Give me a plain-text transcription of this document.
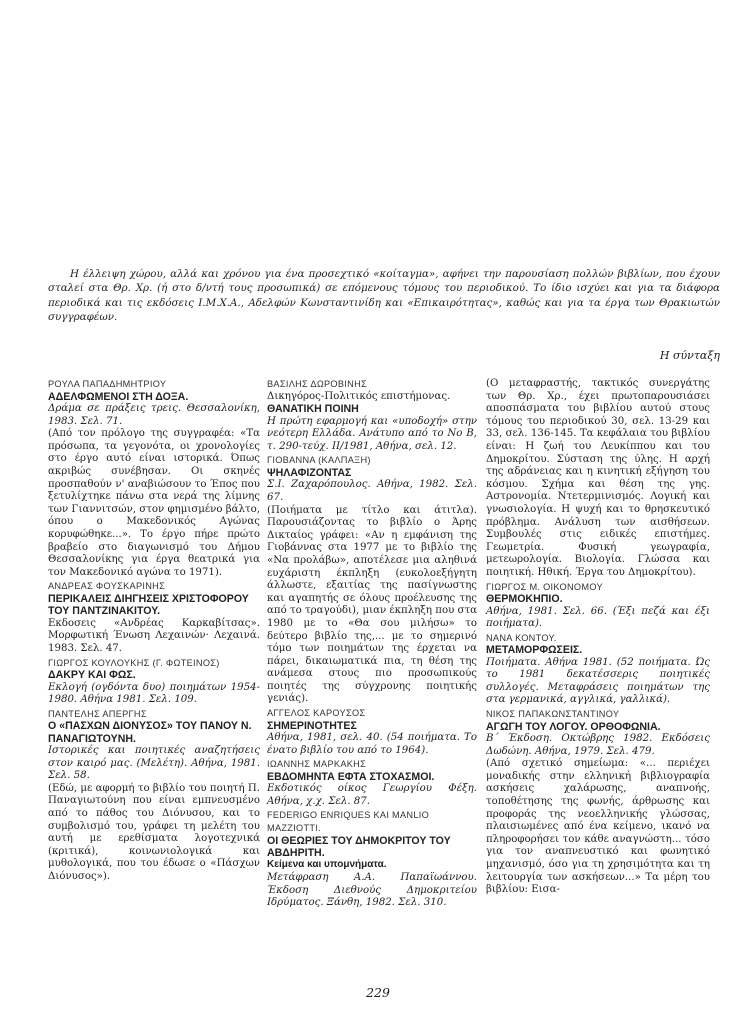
Η έλλειψη χώρου, αλλά και χρόνου για ένα προσεχτικό «κοίταγμα», αφήνει την παρουσίαση πολλών βιβλίων, που έχουν σταλεί στα Θρ. Χρ. (ή στο δ/ντή τους προσωπικά) σε επόμενους τόμους του περιοδικού. Το ίδιο ισχύει και για τα διάφορα περιοδικά και τις εκδόσεις Ι.Μ.Χ.Α., Αδελφών Κωνσταντινίδη και «Επικαιρότητας», καθώς και για τα έργα των Θρακιωτών συγγραφέων.

Η σύνταξη

ΡΟΥΛΑ ΠΑΠΑΔΗΜΗΤΡΙΟΥ

ΑΔΕΛΦΩΜΕΝΟΙ ΣΤΗ ΔΟΞΑ.

Δράμα σε πράξεις τρεις. Θεσσαλονίκη, 1983. Σελ. 71.

(Από τον πρόλογο της συγγραφέα: «Τα πρόσωπα, τα γεγονότα, οι χρονολογίες στο έργο αυτό είναι ιστορικά. Όπως ακριβώς συνέβησαν. Οι σκηνές προσπαθούν ν' αναβιώσουν το Έπος που ξετυλίχτηκε πάνω στα νερά της λίμνης των Γιαννιτσών, στον φημισμένο βάλτο, όπου ο Μακεδονικός Αγώνας κορυφώθηκε...». Το έργο πήρε πρώτο βραβείο στο διαγωνισμό του Δήμου Θεσσαλονίκης για έργα θεατρικά για τον Μακεδονικό αγώνα το 1971).

ΑΝΔΡΕΑΣ ΦΟΥΣΚΑΡΙΝΗΣ

ΠΕΡΙΚΑΛΕΙΣ ΔΙΗΓΗΣΕΙΣ ΧΡΙΣΤΟΦΟΡΟΥ ΤΟΥ ΠΑΝΤΖΙΝΑΚΙΤΟΥ.

Εκδοσεις «Ανδρέας Καρκαβίτσας». Μορφωτική Ένωση Λεχαινών· Λεχαινά. 1983. Σελ. 47.

ΓΙΩΡΓΟΣ ΚΟΥΛΟΥΚΗΣ (Γ. ΦΩΤΕΙΝΟΣ)

ΔΑΚΡΥ ΚΑΙ ΦΩΣ.

Εκλογή (ογδόντα δυο) ποιημάτων 1954-1980. Αθήνα 1981. Σελ. 109.

ΠΑΝΤΕΛΗΣ ΑΠΕΡΓΗΣ

Ο «ΠΑΣΧΩΝ ΔΙΟΝΥΣΟΣ» ΤΟΥ ΠΑΝΟΥ Ν. ΠΑΝΑΓΙΩΤΟΥΝΗ.

Ιστορικές και ποιητικές αναζητήσεις στον καιρό μας. (Μελέτη). Αθήνα, 1981. Σελ. 58.

(Εδώ, με αφορμή το βιβλίο του ποιητή Π. Παναγιωτούνη που είναι εμπνευσμένο από το πάθος του Διόνυσου, και το συμβολισμό του, γράφει τη μελέτη του αυτή με ερεθίσματα λογοτεχνικά (κριτικά), κοινωνιολογικά και μυθολογικά, που του έδωσε ο «Πάσχων Διόνυσος»).

ΒΑΣΙΛΗΣ ΔΩΡΟΒΙΝΗΣ

Δικηγόρος-Πολιτικός επιστήμονας.

ΘΑΝΑΤΙΚΗ ΠΟΙΝΗ

Η πρώτη εφαρμογή και «υποδοχή» στην νεότερη Ελλάδα. Ανάτυπο από το Νο Β, τ. 290-τεύχ. ΙΙ/1981, Αθήνα, σελ. 12.

ΓΙΟΒΑΝΝΑ (ΚΑΛΠΑΞΗ)

ΨΗΛΑΦΙΖΟΝΤΑΣ

Σ.Ι. Ζαχαρόπουλος. Αθήνα, 1982. Σελ. 67.

(Ποιήματα με τίτλο και άτιτλα). Παρουσιάζοντας το βιβλίο ο Άρης Δικταίος γράφει: «Αν η εμφάνιση της Γιοβάννας στα 1977 με το βιβλίο της «Να προλάβω», αποτέλεσε μια αληθινά ευχάριστη έκπληξη (ευκολοεξήγητη άλλωστε, εξαιτίας της πασίγνωστης και αγαπητής σε όλους προέλευσης της από το τραγούδι), μιαν έκπληξη που στα 1980 με το «Θα σου μιλήσω» το δεύτερο βιβλίο της,... με το σημερινό τόμο των ποιημάτων της έρχεται να πάρει, δικαιωματικά πια, τη θέση της ανάμεσα στους πιο προσωπικούς ποιητές της σύγχρονης ποιητικής γενιάς).

ΑΓΓΕΛΟΣ ΚΑΡΟΥΣΟΣ

ΣΗΜΕΡΙΝΟΤΗΤΕΣ

Αθήνα, 1981, σελ. 40. (54 ποιήματα. Το ένατο βιβλίο του από το 1964).

ΙΩΑΝΝΗΣ ΜΑΡΚΑΚΗΣ

ΕΒΔΟΜΗΝΤΑ ΕΦΤΑ ΣΤΟΧΑΣΜΟΙ.

Εκδοτικός οίκος Γεωργίου Φέξη. Αθήνα, χ.χ. Σελ. 87.

FEDERIGO ENRIQUES ΚΑΙ MANLIO MAZZIOTTI.

ΟΙ ΘΕΩΡΙΕΣ ΤΟΥ ΔΗΜΟΚΡΙΤΟΥ ΤΟΥ ΑΒΔΗΡΙΤΗ.

Κείμενα και υπομνήματα.

Μετάφραση Α.Α. Παπαϊωάννου. Έκδοση Διεθνούς Δημοκριτείου Ιδρύματος. Ξάνθη, 1982. Σελ. 310.

(Ο μεταφραστής, τακτικός συνεργάτης των Θρ. Χρ., έχει πρωτοπαρουσιάσει αποσπάσματα του βιβλίου αυτού στους τόμους του περιοδικού 30, σελ. 13-29 και 33, σελ. 136-145. Τα κεφάλαια του βιβλίου είναι: Η ζωή του Λευκίππου και του Δημοκρίτου. Σύσταση της ύλης. Η αρχή της αδράνειας και η κινητική εξήγηση του κόσμου. Σχήμα και θέση της γης. Αστρονομία. Ντετερμινισμός. Λογική και γνωσιολογία. Η ψυχή και το θρησκευτικό πρόβλημα. Ανάλυση των αισθήσεων. Συμβουλές στις ειδικές επιστήμες. Γεωμετρία. Φυσική γεωγραφία, μετεωρολογία. Βιολογία. Γλώσσα και ποιητική. Ηθική. Έργα του Δημοκρίτου).

ΓΙΩΡΓΟΣ Μ. ΟΙΚΟΝΟΜΟΥ

ΘΕΡΜΟΚΗΠΙΟ.

Αθήνα, 1981. Σελ. 66. (Έξι πεζά και έξι ποιήματα).

ΝΑΝΑ ΚΟΝΤΟΥ.

ΜΕΤΑΜΟΡΦΩΣΕΙΣ.

Ποιήματα. Αθήνα 1981. (52 ποιήματα. Ώς το 1981 δεκατέσσερις ποιητικές συλλογές. Μεταφράσεις ποιημάτων της στα γερμανικά, αγγλικά, γαλλικά).

ΝΙΚΟΣ ΠΑΠΑΚΩΝΣΤΑΝΤΙΝΟΥ

ΑΓΩΓΗ ΤΟΥ ΛΟΓΟΥ. ΟΡΘΟΦΩΝΙΑ.

Β΄ Έκδοση. Οκτώβρης 1982. Εκδόσεις Δωδώνη. Αθήνα, 1979. Σελ. 479.

(Από σχετικό σημείωμα: «... περιέχει μοναδικής στην ελληνική βιβλιογραφία ασκήσεις χαλάρωσης, αναπνοής, τοποθέτησης της φωνής, άρθρωσης και προφοράς της νεοελληνικής γλώσσας, πλαισιωμένες από ένα κείμενο, ικανό να πληροφορήσει τον κάθε αναγνώστη... τόσο για τον αναπνευστικό και φωνητικό μηχανισμό, όσο για τη χρησιμότητα και τη λειτουργία των ασκήσεων...» Τα μέρη του βιβλίου: Εισα-

229
